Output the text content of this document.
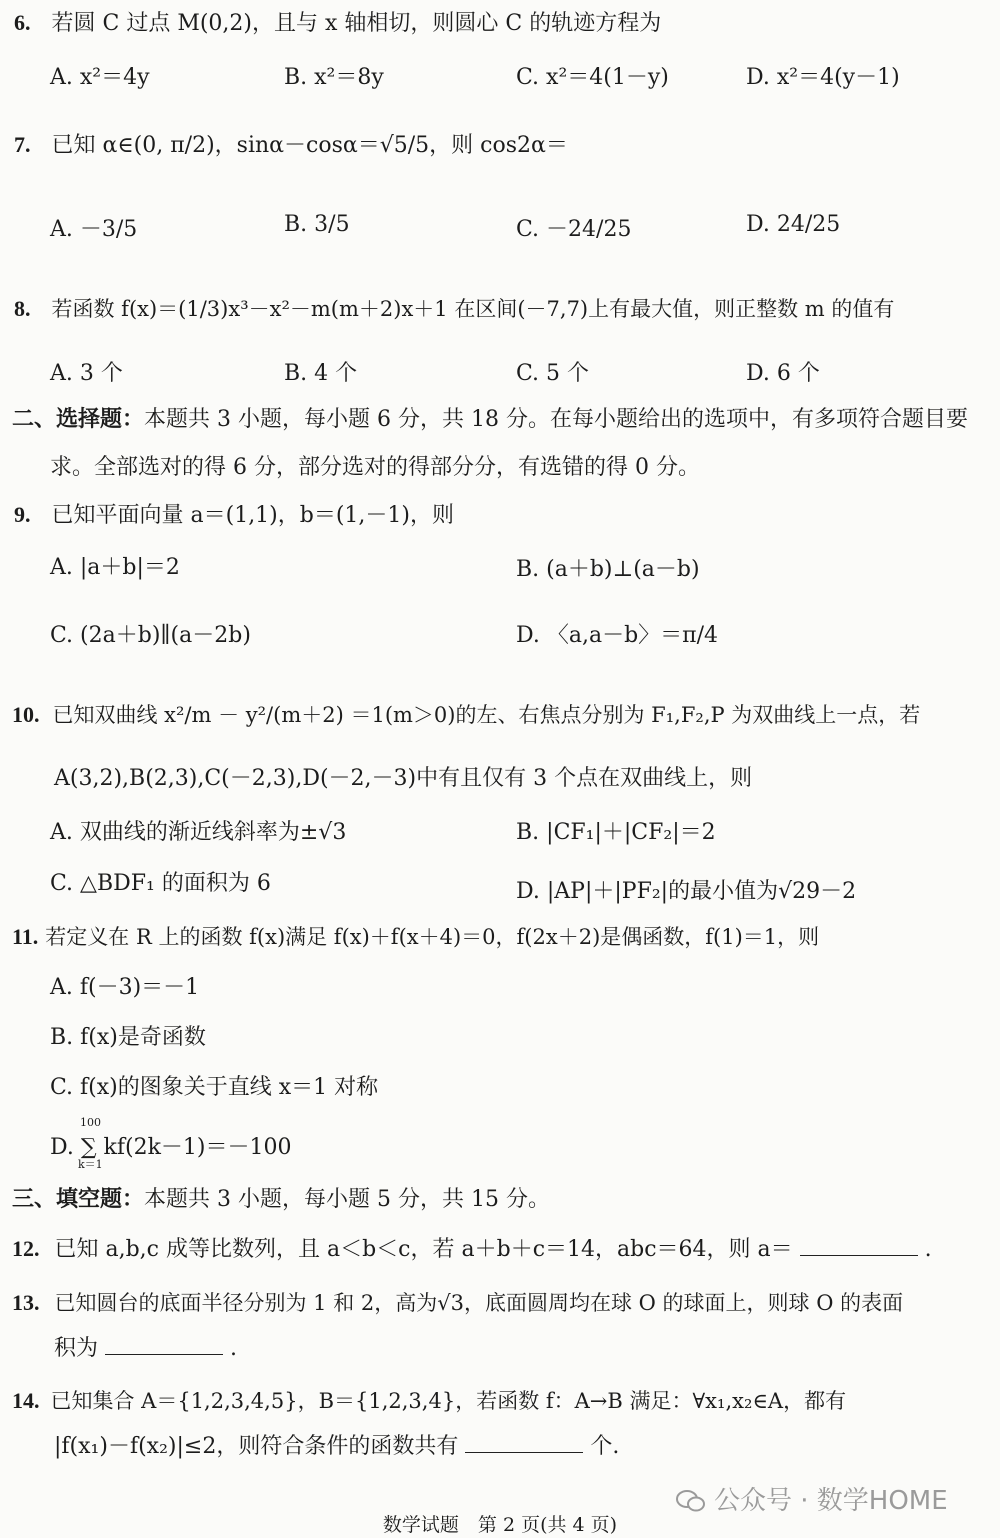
6. 若圆 C 过点 M(0,2)，且与 x 轴相切，则圆心 C 的轨迹方程为
A. x²＝4y	B. x²＝8y	C. x²＝4(1－y)	D. x²＝4(y－1)
7. 已知 α∈(0, π/2)，sinα－cosα＝√5/5，则 cos2α＝
A. －3/5	B. 3/5	C. －24/25	D. 24/25
8. 若函数 f(x)＝(1/3)x³－x²－m(m＋2)x＋1 在区间(－7,7)上有最大值，则正整数 m 的值有
A. 3 个	B. 4 个	C. 5 个	D. 6 个
二、选择题：本题共 3 小题，每小题 6 分，共 18 分。在每小题给出的选项中，有多项符合题目要
求。全部选对的得 6 分，部分选对的得部分分，有选错的得 0 分。
9. 已知平面向量 a＝(1,1)，b＝(1,－1)，则
A. |a＋b|＝2	B. (a＋b)⊥(a－b)
C. (2a＋b)∥(a－2b)	D. 〈a,a－b〉＝π/4
10. 已知双曲线 x²/m － y²/(m＋2) ＝1(m＞0)的左、右焦点分别为 F₁,F₂,P 为双曲线上一点，若
A(3,2),B(2,3),C(－2,3),D(－2,－3)中有且仅有 3 个点在双曲线上，则
A. 双曲线的渐近线斜率为±√3	B. |CF₁|＋|CF₂|＝2
C. △BDF₁ 的面积为 6	D. |AP|＋|PF₂|的最小值为√29－2
11. 若定义在 R 上的函数 f(x)满足 f(x)＋f(x＋4)＝0，f(2x＋2)是偶函数，f(1)＝1，则
A. f(－3)＝－1
B. f(x)是奇函数
C. f(x)的图象关于直线 x＝1 对称
100
D. ∑ kf(2k－1)＝－100
k＝1
三、填空题：本题共 3 小题，每小题 5 分，共 15 分。
12. 已知 a,b,c 成等比数列，且 a＜b＜c，若 a＋b＋c＝14，abc＝64，则 a＝	.
13. 已知圆台的底面半径分别为 1 和 2，高为√3，底面圆周均在球 O 的球面上，则球 O 的表面
积为	.
14. 已知集合 A＝{1,2,3,4,5}，B＝{1,2,3,4}，若函数 f：A→B 满足：∀x₁,x₂∈A，都有
|f(x₁)－f(x₂)|≤2，则符合条件的函数共有	个.
公众号 · 数学HOME
数学试题　第 2 页(共 4 页)
